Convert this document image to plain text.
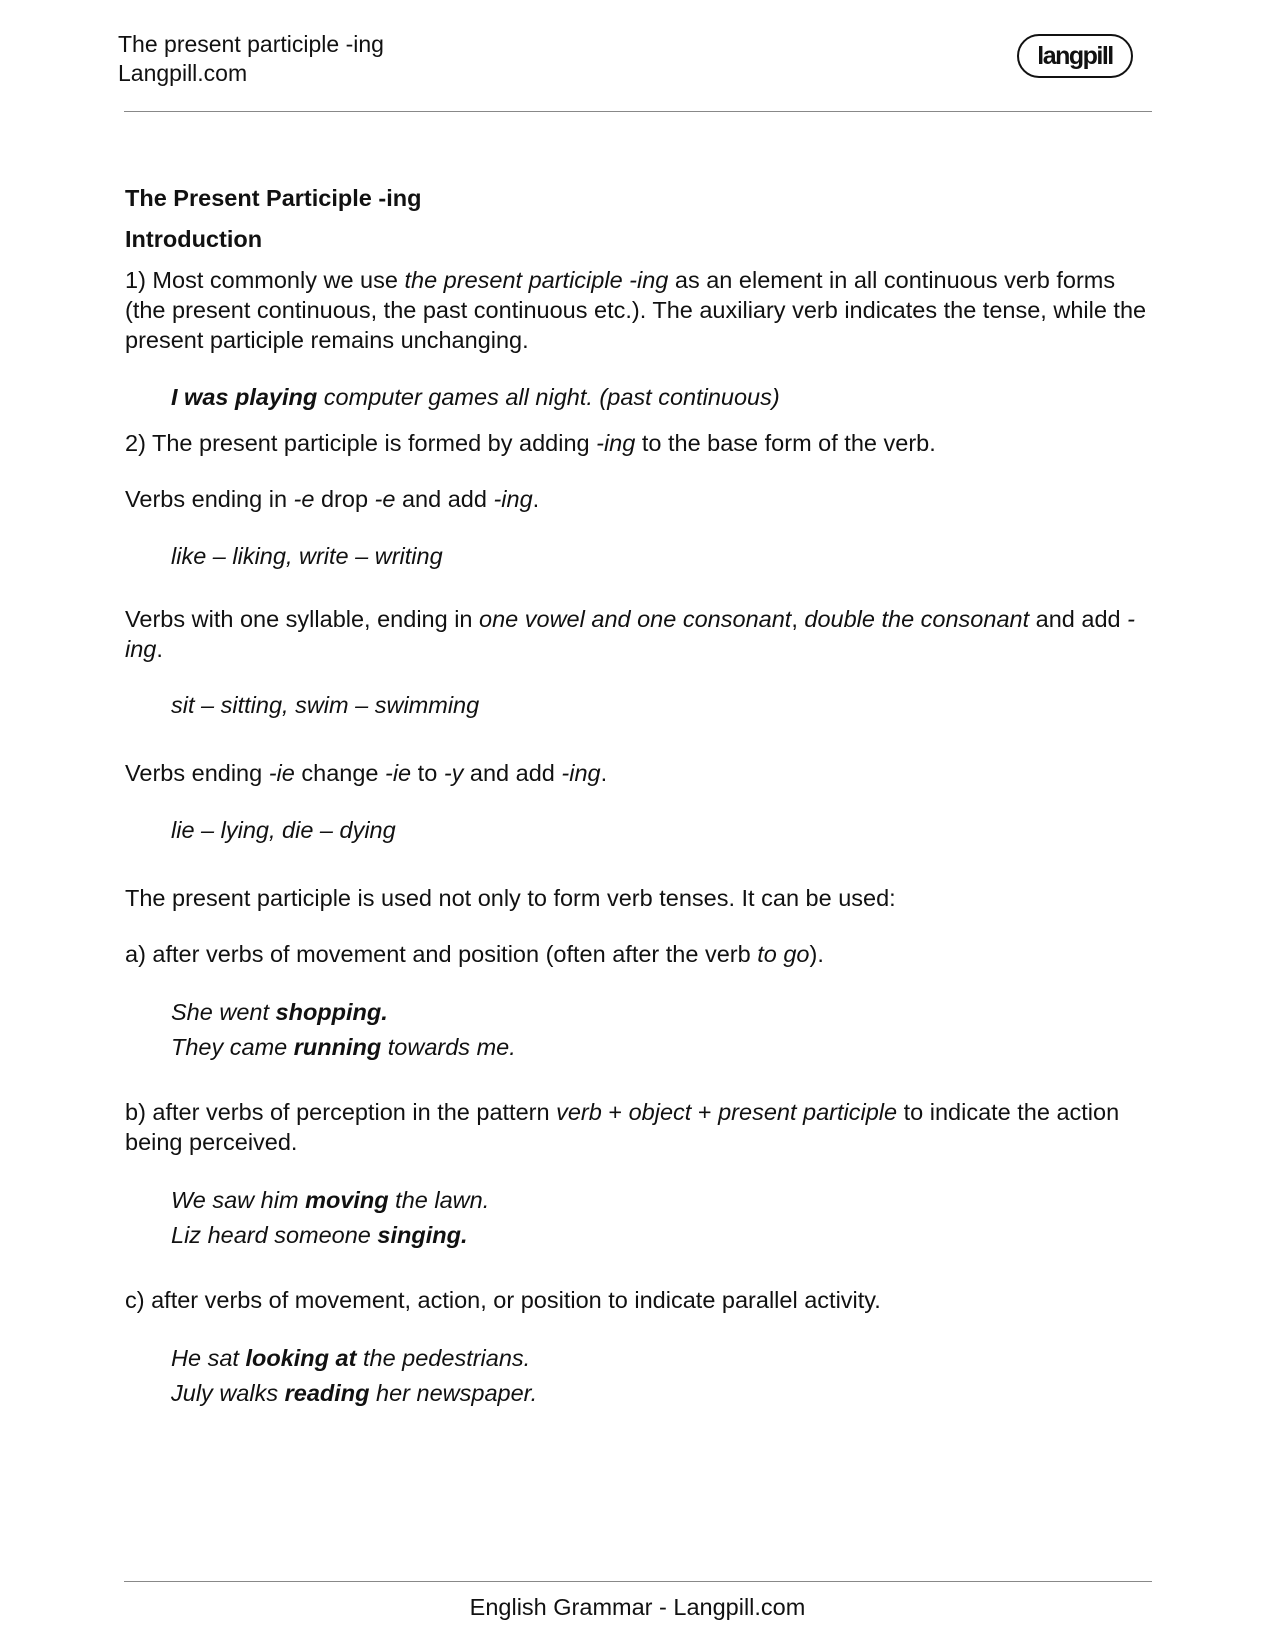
The present participle -ing
Langpill.com
langpill

The Present Participle -ing

Introduction

1) Most commonly we use the present participle -ing as an element in all continuous verb forms (the present continuous, the past continuous etc.). The auxiliary verb indicates the tense, while the present participle remains unchanging.

I was playing computer games all night. (past continuous)

2) The present participle is formed by adding -ing to the base form of the verb.

Verbs ending in -e drop -e and add -ing.

like – liking, write – writing

Verbs with one syllable, ending in one vowel and one consonant, double the consonant and add -ing.

sit – sitting, swim – swimming

Verbs ending -ie change -ie to -y and add -ing.

lie – lying, die – dying

The present participle is used not only to form verb tenses. It can be used:

a) after verbs of movement and position (often after the verb to go).

She went shopping.

They came running towards me.

b) after verbs of perception in the pattern verb + object + present participle to indicate the action being perceived.

We saw him moving the lawn.

Liz heard someone singing.

c) after verbs of movement, action, or position to indicate parallel activity.

He sat looking at the pedestrians.

July walks reading her newspaper.

English Grammar - Langpill.com
